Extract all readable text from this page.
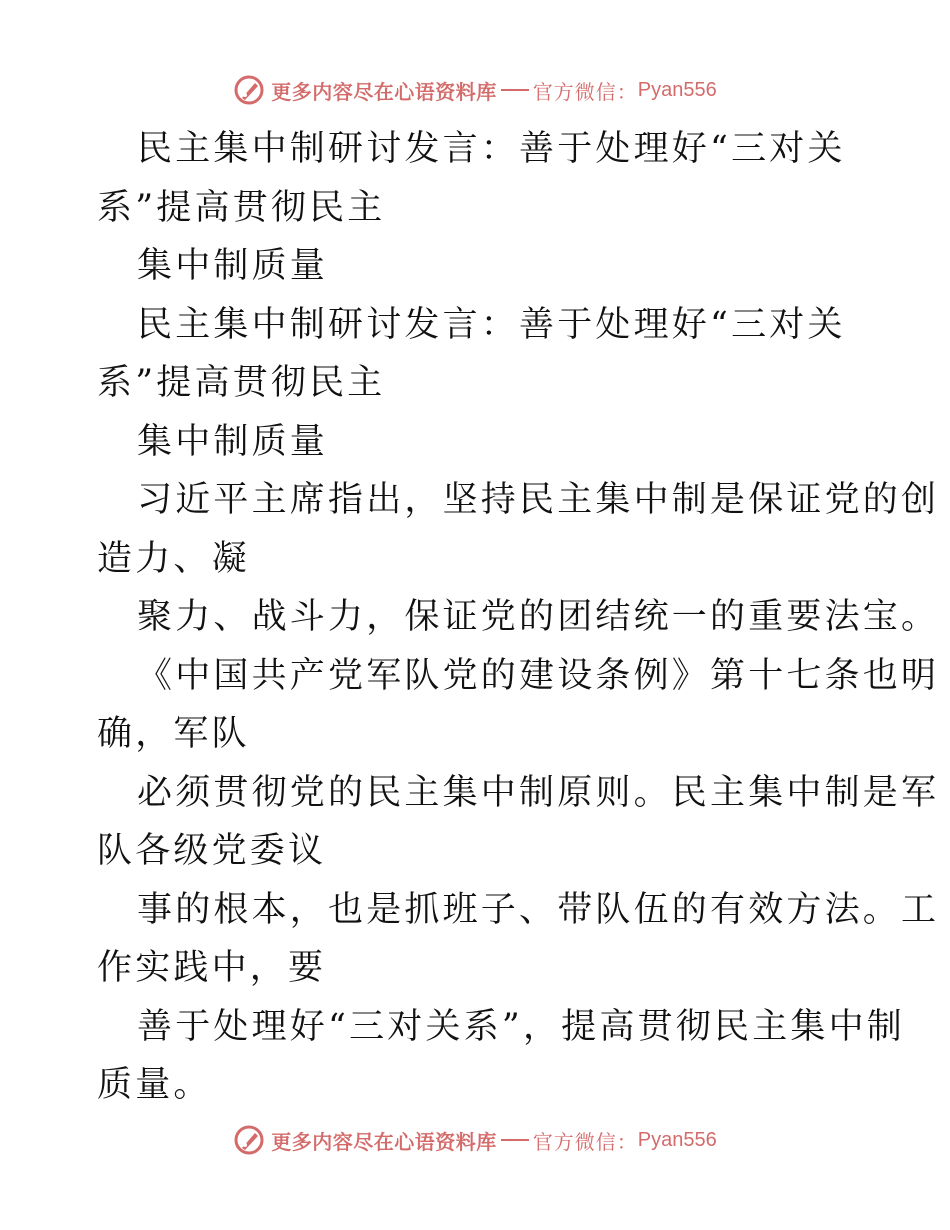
更多内容尽在心语资料库 官方微信： Pyan556
民主集中制研讨发言：善于处理好“三对关
系”提高贯彻民主
集中制质量
民主集中制研讨发言：善于处理好“三对关
系”提高贯彻民主
集中制质量
习近平主席指出，坚持民主集中制是保证党的创
造力、凝
聚力、战斗力，保证党的团结统一的重要法宝。
《中国共产党军队党的建设条例》第十七条也明
确，军队
必须贯彻党的民主集中制原则。民主集中制是军
队各级党委议
事的根本，也是抓班子、带队伍的有效方法。工
作实践中，要
善于处理好“三对关系”，提高贯彻民主集中制
质量。
更多内容尽在心语资料库 官方微信： Pyan556
